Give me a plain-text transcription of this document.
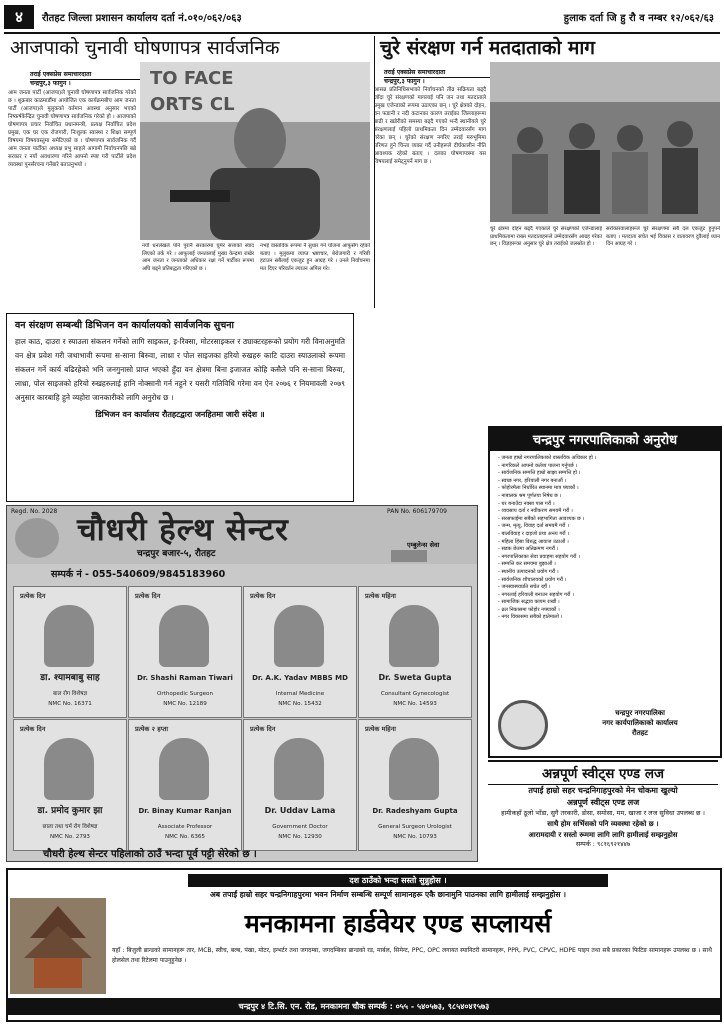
४	रौतहट जिल्ला प्रशासन कार्यालय दर्ता नं.०१०/०६२/०६३	हुलाक दर्ता जि हु रौ व नम्बर १२/०६२/६३
आजपाको चुनावी घोषणापत्र सार्वजनिक
तराई एक्सप्रेस समाचारदाता
चन्द्रपुर,३ फागुन ।
आम जनता पार्टी (आजपा)ले चुनावी घोषणापत्र सार्वजनिक गरेको छ । शुक्रबार काठमाडौंमा आयोजित एक कार्यक्रमबीच आम जनता पार्टी (आजपा)ले मुलुकको वर्तमान अवस्था अनुसार भएको निष्कर्षकेन्द्रित चुनावी घोषणापत्र सार्वजनिक गरेको हो । आजपाको घोषणापत्र प्रचार निर्वाचित प्रधानमन्त्री, प्रत्यक्ष निर्वाचित प्रदेश प्रमुख, एक घर एक रोजगारी, निःशुल्क स्वास्थ्य र शिक्षा सम्पूर्ण विषयमा विषयवस्तुमा समेटिएको छ । घोषणापत्र सार्वजनिक गर्दै आम जनता पार्टीका अध्यक्ष प्रभु साहले आगामी निर्वाचनपछि बन्ने सरकार र नयाँ अवधारणा गरिने आफ्नो स्पष्ट गरी पार्टीले प्रदेश व्यवस्था पुनर्संरचना गर्नेबारे बताउनुभयो ।
TO FACE
ORTS CL
नयाँ धनलेखले पनि पुरानै सरकारमा घुमेर सत्ताको स्वाद लिएको तर्क गरे । आफूलाई जनतालाई मुख्य केन्द्रमा राखेर आम जनता र जनताको अधिकार रक्षा गर्ने पार्टीका रूपमा अघि बढ्ने प्रतिबद्धता गरिएको छ ।
नभई वास्तविक रूपमा नै सुधार गर्ने योजना आफूसँग रहेको बताए । मुलुकमा व्याप्त भ्रष्टाचार, बेरोजगारी र गरिबी हटाउन सबैलाई एकजुट हुन आग्रह गरे । उनले निर्वाचनमा मत दिएर परिवर्तन ल्याउन अपिल गरे।
चुरे संरक्षण गर्न मतदाताको माग
तराई एक्सप्रेस समाचारदाता
चन्द्रपुर,३ फागुन ।
आसन्न प्रतिनिधिसभाको निर्वाचनको तीव्र सक्रियता बढ्दै जाँदा चुरे संरक्षणको मागलाई पनि जन तथा मतदाताले प्रमुख एजेन्डाको रूपमा उठाएका छन् । चुरे क्षेत्रको दोहन, वन फडानी र नदी कटानका कारण तराईका जिल्लाहरूमा बाढी र खडेरीको समस्या बढ्दै गएको भन्दै स्थानीयले चुरे संरक्षणलाई पहिलो प्राथमिकता दिन उम्मेदवारसँग माग गरेका छन् । चुरेको संरक्षण नगरिए तराई मरुभूमिमा परिणत हुने चिन्ता व्यक्त गर्दै उनीहरूले दीर्घकालीन नीति आवश्यक रहेको बताए । दलका घोषणापत्रमा यस विषयलाई समेट्नुपर्ने माग छ ।
चुरे क्षेत्रमा दोहन बढ्दै गएकाले चुरे संरक्षणको एजेन्डालाई प्राथमिकतामा राख्न मतदाताहरूले उम्मेदवारसँग आग्रह गरेका छन् । विज्ञहरूका अनुसार चुरे क्षेत्र तराईको जलस्रोत हो ।
सरोकारवालाहरूले चुरे संरक्षणमा सबै दल एकजुट हुनुपर्ने बताए । मतदाता सचेत भई विकास र वातावरण दुवैलाई ध्यान दिन आग्रह गरे ।
वन संरक्षण सम्बन्धी डिभिजन वन कार्यालयको सार्वजनिक सुचना
हाल काठ, दाउरा र स्याउला संकलन गर्नेको लागि साइकल, इ-रिक्सा, मोटरसाइकल र ठ्याक्टरहरूको प्रयोग गरी विनाअनुमति वन क्षेत्र प्रवेश गरी जथाभावी रूपमा स-साना बिरुवा, लाथ्रा र पोल साइजका हरियो रुखहरु काटि दाउरा स्याउलाको रूपमा संकलन गर्ने कार्य बढिरहेको भनि जनगुनासो प्राप्त भएको हुँदा वन क्षेत्रमा बिना इजाजत कोहि कसैले पनि स-साना बिरुवा, लाथ्रा, पोल साइजको हरियो रुखहरुलाई हानि नोक्सानी गर्न नहुने र यसरी गतिविधि गरेमा वन ऐन २०७६ र नियमावली २०७९ अनुसार कारबाहि हुने व्यहोरा जानकारीको लागि अनुरोध छ ।
डिभिजन वन कार्यालय रौतहटद्वारा जनहितमा जारी संदेश ॥
Regd. No. 2028	PAN No. 606179709
चौधरी हेल्थ सेन्टर
चन्द्रपुर बजार-५, रौतहट
एम्बुलेन्स सेवा
सम्पर्क नं - 055-540609/9845183960
प्रत्येक दिन
डा. श्यामबाबु साह
बाल रोग विशेषज्ञ
NMC No. 16371
प्रत्येक दिन
Dr. Shashi Raman Tiwari
Orthopedic Surgeon
NMC No. 12189
प्रत्येक दिन
Dr. A.K. Yadav MBBS MD
Internal Medicine
NMC No. 15432
प्रत्येक महिना
Dr. Sweta Gupta
Consultant Gynecologist
NMC No. 14593
प्रत्येक दिन
डा. प्रमोद कुमार झा
छाला तथा चर्म रोग विशेषज्ञ
NMC No. 2793
प्रत्येक २ हप्ता
Dr. Binay Kumar Ranjan
Associate Professor
NMC No. 6365
प्रत्येक दिन
Dr. Uddav Lama
Government Doctor
NMC No. 12930
प्रत्येक महिना
Dr. Radeshyam Gupta
General Surgeon Urologist
NMC No. 10793
चौधरी हेल्थ सेन्टर पहिलाको ठाउँ भन्दा पूर्व पट्टी सेरेको छ ।
चन्द्रपुर नगरपालिकाको अनुरोध
- जनता हाम्रो नगरपालिकाको वास्तविक अधिकार हो ।
- नागरिकले आफ्नो कर्तव्य पालना गर्नुपर्छ ।
- सार्वजनिक सम्पत्ति हाम्रो साझा सम्पत्ति हो ।
- स्वच्छ नगर, हरियाली नगर बनाऔं ।
- फोहोरमैला निर्धारित स्थानमा मात्र फ्याकौं ।
- नाबालक श्रम पूर्णतया निषेध छ ।
- घर बनाउँदा नक्सा पास गरौं ।
- व्यवसाय दर्ता र नवीकरण समयमै गरौं ।
- सरसफाईमा सबैको सहभागिता आवश्यक छ ।
- जन्म, मृत्यु, विवाह दर्ता समयमै गरौं ।
- बालविवाह र दाइजो प्रथा अन्त्य गरौं ।
- महिला हिंसा विरुद्ध आवाज उठाऔं ।
- सडक छेउमा अतिक्रमण नगरौं ।
- नगरपालिकाका सेवा प्रवाहमा सहयोग गरौं ।
- सम्पत्ति कर समयमा बुझाऔं ।
- स्थानीय उत्पादनको प्रयोग गरौं ।
- सार्वजनिक शौचालयको प्रयोग गरौं ।
- जनस्वास्थ्यप्रति सचेत रहौं ।
- नगरलाई हरियाली बनाउन सहयोग गरौं ।
- सामाजिक सद्भाव कायम राखौं ।
- ढल निकासमा फोहोर नफ्याकौं ।
- नगर विकासमा सबैको हातेमालो ।
चन्द्रपुर नगरपालिका
नगर कार्यपालिकाको कार्यालय
रौतहट
अन्नपूर्ण स्वीट्स एण्ड लज
तपाईं हाम्रो सहर चन्द्रनिगाहपुरको मेन चोकमा खुल्यो
अन्नपूर्ण स्वीट्स एण्ड लज
हामीकहाँ ठूलो भाँडा, सुगै तरकारी, डोसा, समोसा, मम, खाजा र लज सुविधा उपलब्ध छ ।
साथै होम सर्भिसको पनि व्यवस्था रहेको छ ।
आरामदायी र सस्तो रूममा लागि लागि हामीलाई सम्झनुहोस
सम्पर्क : ९८१६९२१४४७
दश ठाउँको भन्दा सस्तो सुन्नुहोस ।
अब तपाईं हाम्रो सहर चन्द्रनिगाहपुरमा भवन निर्माण सम्बन्धि सम्पूर्ण सामानहरू एकै छानामुनि पाउनका लागि हामीलाई सम्झनुहोस ।
मनकामना हार्डवेयर एण्ड सप्लायर्स
यहाँ : बिजुली ब्रान्डको सामानहरू तार, MCB, स्वीच, बल्ब, पंखा, मोटर, इन्भर्टर तथा जगदम्बा, जगदम्बिका ब्रान्डको रड, मार्बल, सिमेन्ट, PPC, OPC लगायत स्यानिटरी सामानहरू, PPR, PVC, CPVC, HDPE पाइप तथा सबै प्रकारका फिटिङ सामानहरू उपलब्ध छ । साथै होलसेल तथा रिटेलमा पाउनुहुनेछ ।
चन्द्रपुर ४ टि.सि. एन. रोड, मनकामना चौक सम्पर्क : ०५५ - ५४०५७३, ९८५४०४१५७३
